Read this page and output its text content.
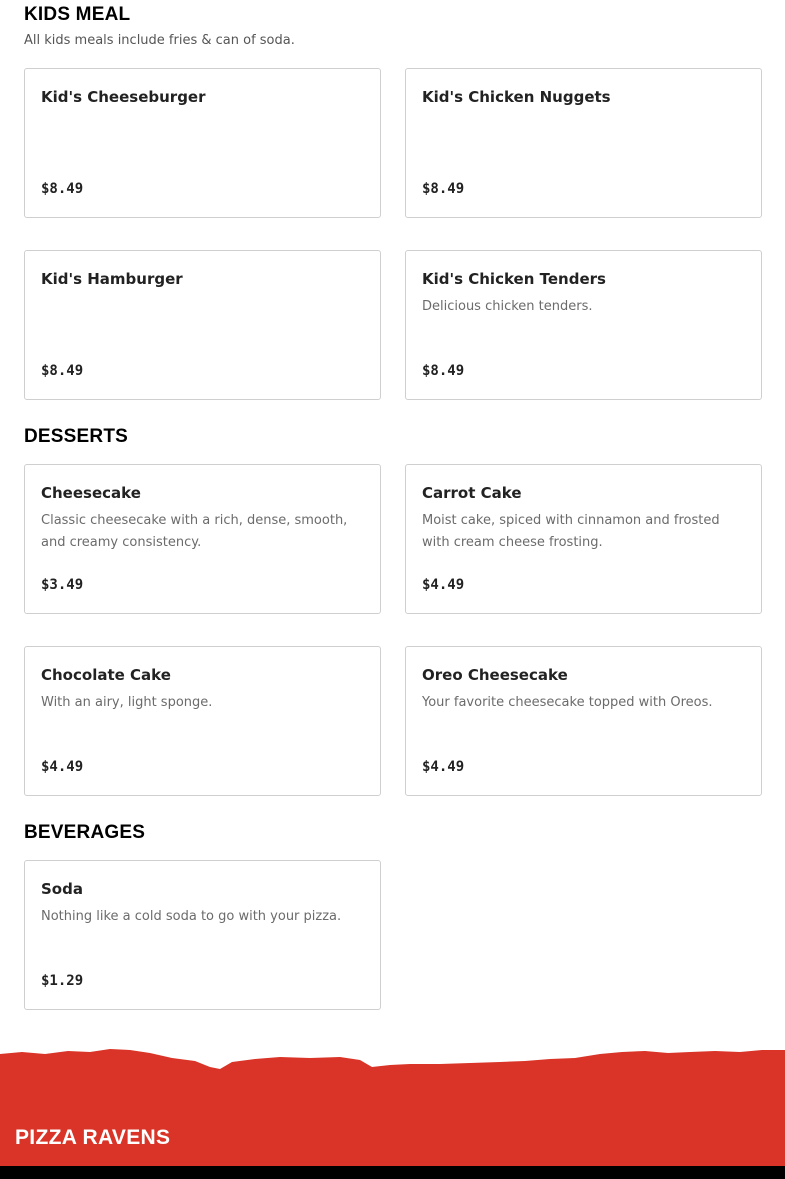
KIDS MEAL
All kids meals include fries & can of soda.
Kid's Cheeseburger
$8.49
Kid's Chicken Nuggets
$8.49
Kid's Hamburger
$8.49
Kid's Chicken Tenders
Delicious chicken tenders.
$8.49
DESSERTS
Cheesecake
Classic cheesecake with a rich, dense, smooth, and creamy consistency.
$3.49
Carrot Cake
Moist cake, spiced with cinnamon and frosted with cream cheese frosting.
$4.49
Chocolate Cake
With an airy, light sponge.
$4.49
Oreo Cheesecake
Your favorite cheesecake topped with Oreos.
$4.49
BEVERAGES
Soda
Nothing like a cold soda to go with your pizza.
$1.29
PIZZA RAVENS
